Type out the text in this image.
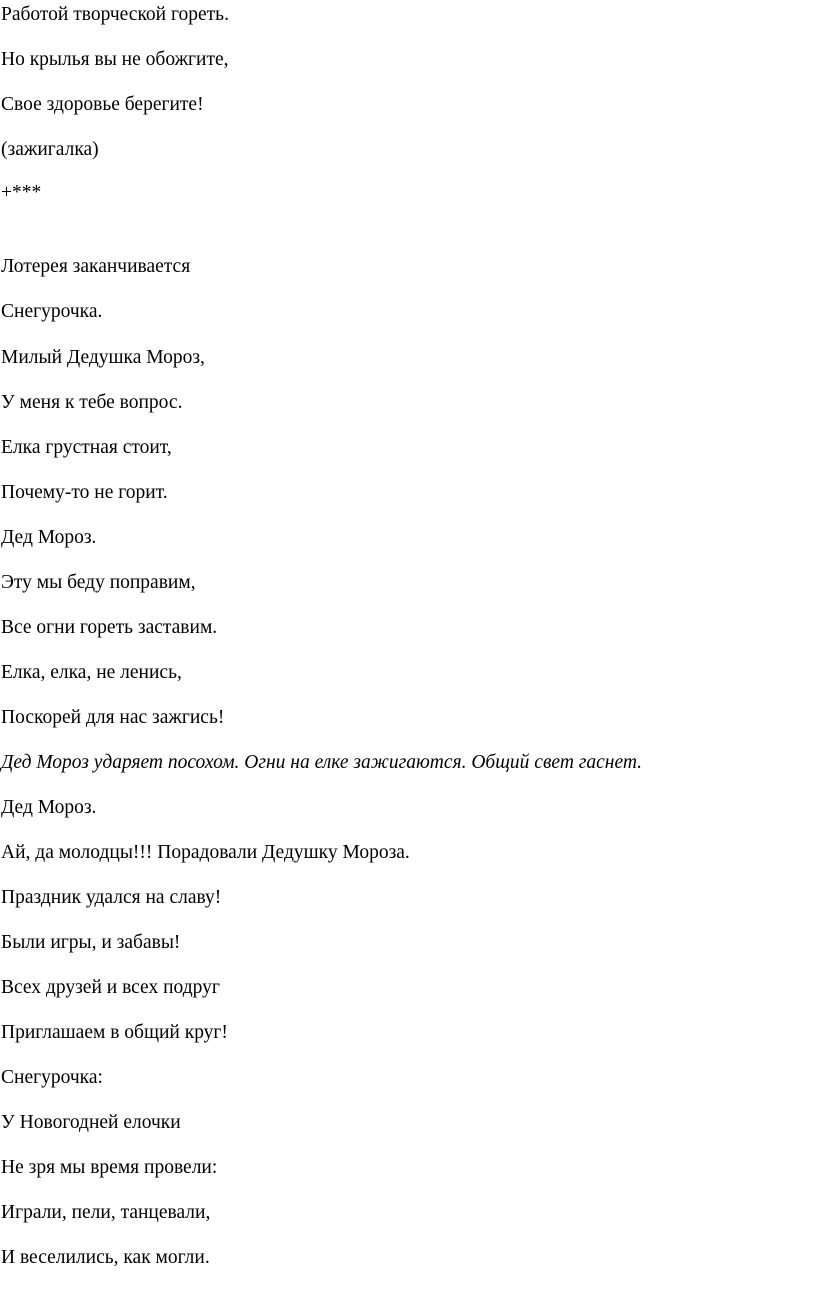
Работой творческой гореть.
Но крылья вы не обожгите,
Свое здоровье берегите!
(зажигалка)
+***
Лотерея заканчивается
Снегурочка.
Милый Дедушка Мороз,
У меня к тебе вопрос.
Елка грустная стоит,
Почему-то не горит.
Дед Мороз.
Эту мы беду поправим,
Все огни гореть заставим.
Елка, елка, не ленись,
Поскорей для нас зажгись!
Дед Мороз ударяет посохом. Огни на елке зажигаются. Общий свет гаснет.
Дед Мороз.
Ай, да молодцы!!! Порадовали Дедушку Мороза.
Праздник удался на славу!
Были игры, и забавы!
Всех друзей и всех подруг
Приглашаем в общий круг!
Снегурочка:
У Новогодней елочки
Не зря мы время провели:
Играли, пели, танцевали,
И веселились, как могли.
